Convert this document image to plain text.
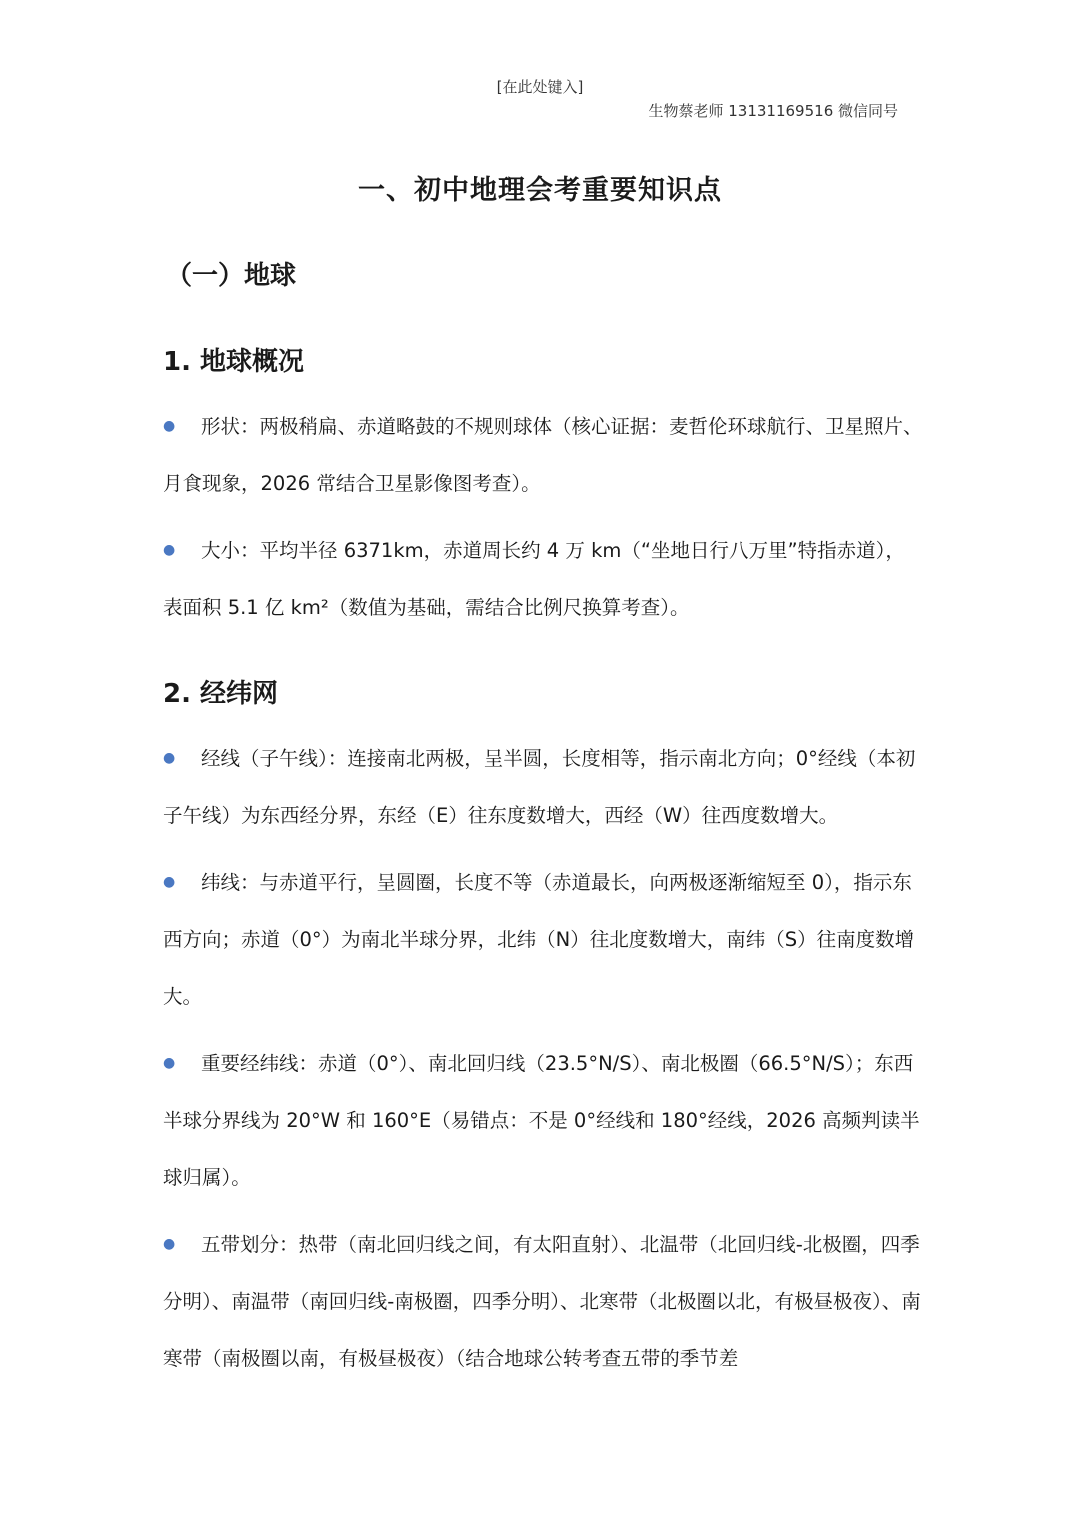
[在此处键入]
生物蔡老师 13131169516 微信同号
一、初中地理会考重要知识点
（一）地球
1. 地球概况
●	形状：两极稍扁、赤道略鼓的不规则球体（核心证据：麦哲伦环球航行、卫星照片、月食现象，2026 常结合卫星影像图考查）。

●	大小：平均半径 6371km，赤道周长约 4 万 km（“坐地日行八万里”特指赤道），表面积 5.1 亿 km²（数值为基础，需结合比例尺换算考查）。

2. 经纬网
●	经线（子午线）：连接南北两极，呈半圆，长度相等，指示南北方向；0°经线（本初子午线）为东西经分界，东经（E）往东度数增大，西经（W）往西度数增大。

●	纬线：与赤道平行，呈圆圈，长度不等（赤道最长，向两极逐渐缩短至 0），指示东西方向；赤道（0°）为南北半球分界，北纬（N）往北度数增大，南纬（S）往南度数增大。

●	重要经纬线：赤道（0°）、南北回归线（23.5°N/S）、南北极圈（66.5°N/S）；东西半球分界线为 20°W 和 160°E（易错点：不是 0°经线和 180°经线，2026 高频判读半球归属）。

●	五带划分：热带（南北回归线之间，有太阳直射）、北温带（北回归线-北极圈，四季分明）、南温带（南回归线-南极圈，四季分明）、北寒带（北极圈以北，有极昼极夜）、南寒带（南极圈以南，有极昼极夜）（结合地球公转考查五带的季节差
